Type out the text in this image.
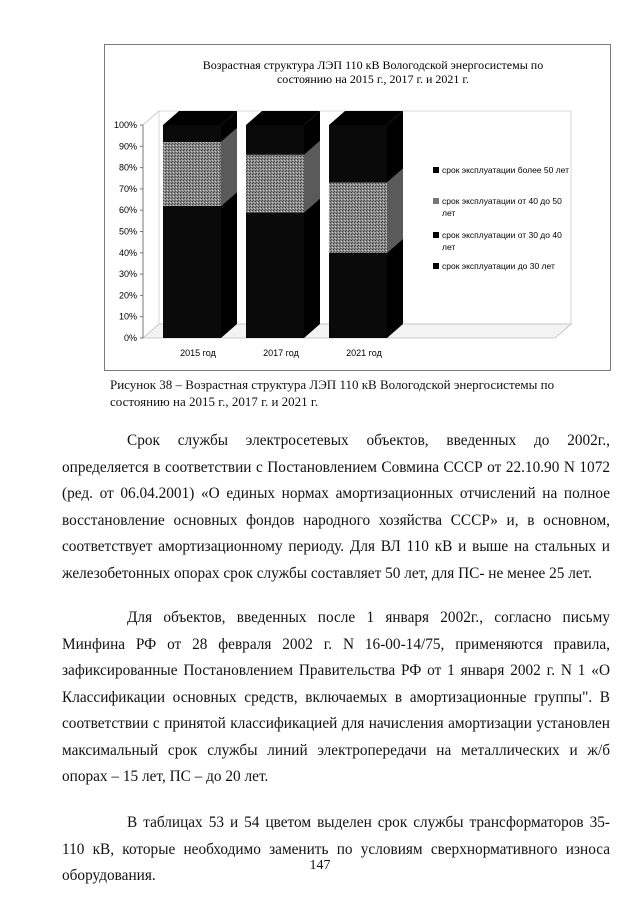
Возрастная структура ЛЭП 110 кВ Вологодской энергосистемы по
состоянию на 2015 г., 2017 г. и 2021 г.
0%
10%
20%
30%
40%
50%
60%
70%
80%
90%
100%
2015 год	2017 год	2021 год
срок эксплуатации более 50 лет
срок эксплуатации от 40 до 50
лет
срок эксплуатации от 30 до 40
лет
срок эксплуатации до 30 лет
Рисунок 38 – Возрастная структура ЛЭП 110 кВ Вологодской энергосистемы по состоянию на 2015 г., 2017 г. и 2021 г.
Срок службы электросетевых объектов, введенных до 2002г., определяется в соответствии с Постановлением Совмина СССР от 22.10.90 N 1072 (ред. от 06.04.2001) «О единых нормах амортизационных отчислений на полное восстановление основных фондов народного хозяйства СССР» и, в основном, соответствует амортизационному периоду. Для ВЛ 110 кВ и выше на стальных и железобетонных опорах срок службы составляет 50 лет, для ПС- не менее 25 лет.
Для объектов, введенных после 1 января 2002г., согласно письму Минфина РФ от 28 февраля 2002 г. N 16-00-14/75, применяются правила, зафиксированные Постановлением Правительства РФ от 1 января 2002 г. N 1 «О Классификации основных средств, включаемых в амортизационные группы". В соответствии с принятой классификацией для начисления амортизации установлен максимальный срок службы линий электропередачи на металлических и ж/б опорах – 15 лет, ПС – до 20 лет.
В таблицах 53 и 54 цветом выделен срок службы трансформаторов 35-110 кВ, которые необходимо заменить по условиям сверхнормативного износа оборудования.
147
